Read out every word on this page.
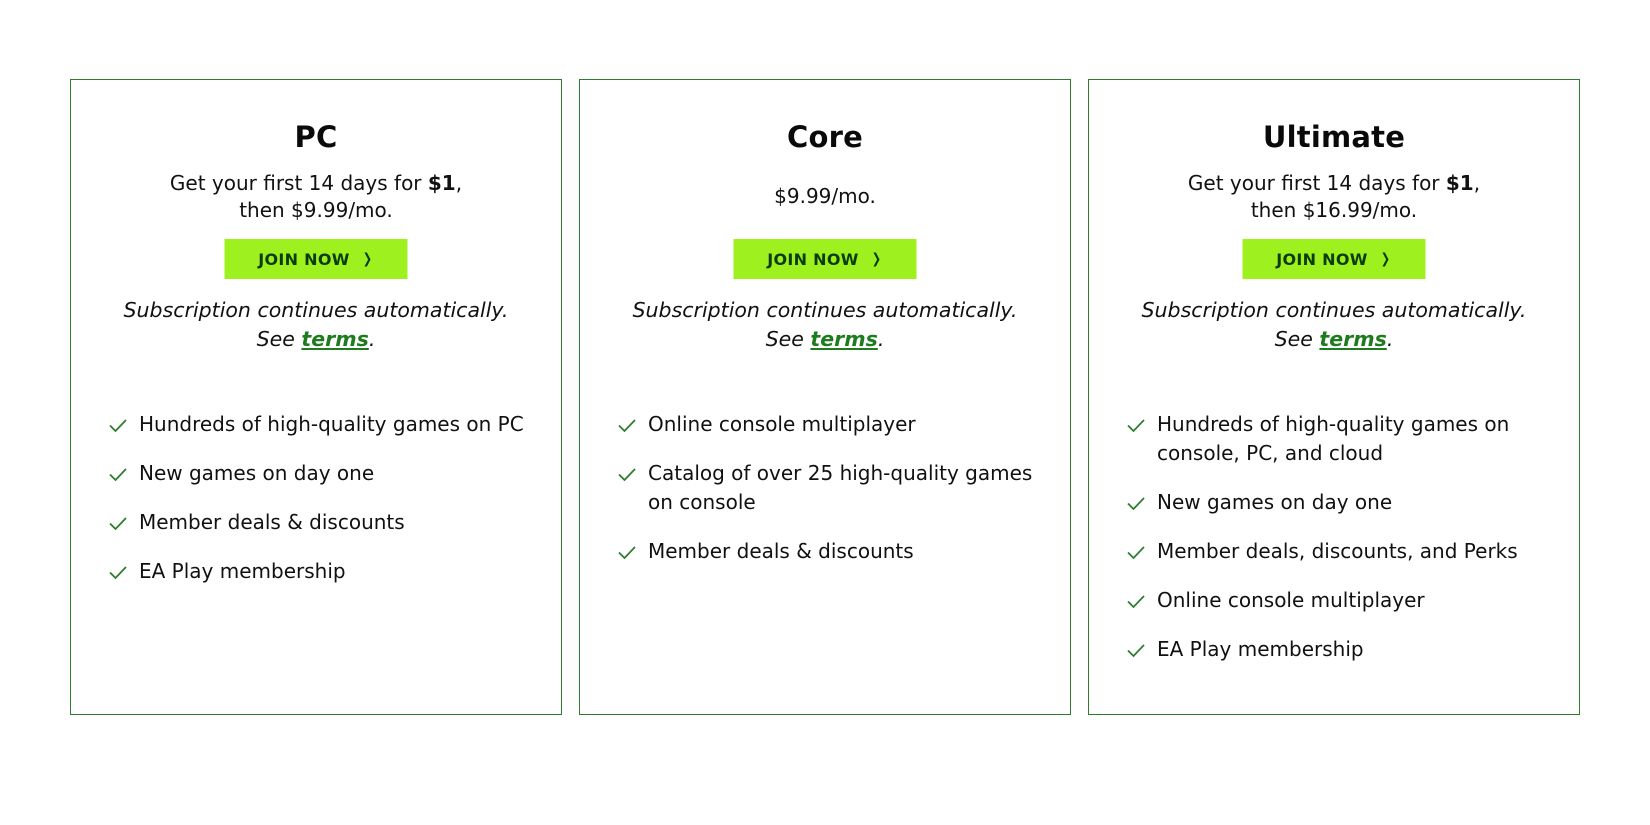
PC
Get your first 14 days for $1,
then $9.99/mo.
JOIN NOW ❯
Subscription continues automatically.
See terms.
Hundreds of high-quality games on PC
New games on day one
Member deals & discounts
EA Play membership
Core
$9.99/mo.
JOIN NOW ❯
Subscription continues automatically.
See terms.
Online console multiplayer
Catalog of over 25 high-quality games on console
Member deals & discounts
Ultimate
Get your first 14 days for $1,
then $16.99/mo.
JOIN NOW ❯
Subscription continues automatically.
See terms.
Hundreds of high-quality games on console, PC, and cloud
New games on day one
Member deals, discounts, and Perks
Online console multiplayer
EA Play membership
